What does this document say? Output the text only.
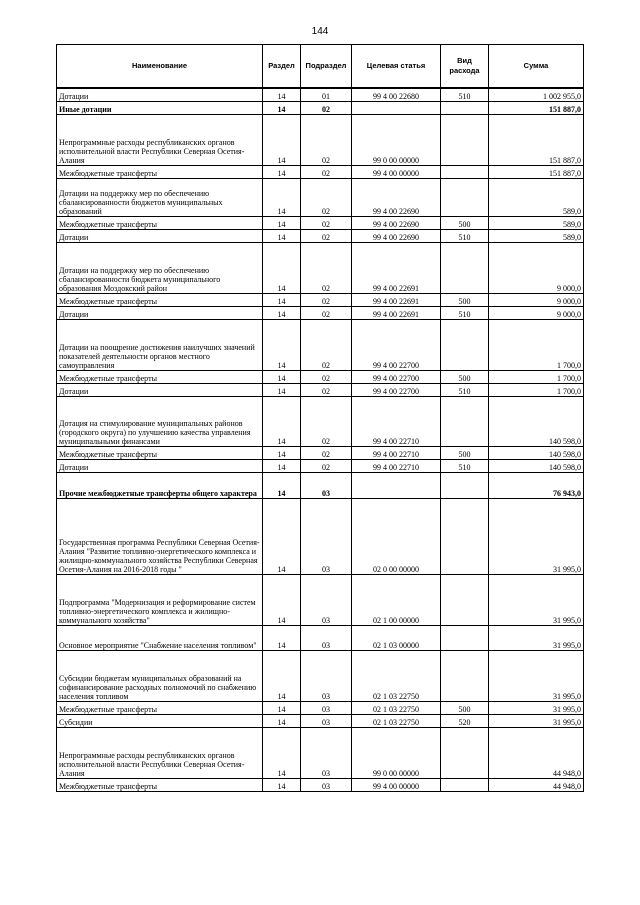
144
Наименование	Раздел	Подраздел	Целевая статья	Вид расхода	Сумма
Дотации	14	01	99 4 00 22680	510	1 002 955,0
Иные дотации	14	02			151 887,0
Непрограммные расходы республиканских органов исполнительной власти Республики Северная Осетия-Алания	14	02	99 0 00 00000		151 887,0
Межбюджетные трансферты	14	02	99 4 00 00000		151 887,0
Дотации на поддержку мер по обеспечению сбалансированности бюджетов муниципальных образований	14	02	99 4 00 22690		589,0
Межбюджетные трансферты	14	02	99 4 00 22690	500	589,0
Дотации	14	02	99 4 00 22690	510	589,0
Дотации на поддержку мер по обеспечению сбалансированности бюджета муниципального образования Моздокский район	14	02	99 4 00 22691		9 000,0
Межбюджетные трансферты	14	02	99 4 00 22691	500	9 000,0
Дотации	14	02	99 4 00 22691	510	9 000,0
Дотации на поощрение достижения наилучших значений показателей деятельности органов местного самоуправления	14	02	99 4 00 22700		1 700,0
Межбюджетные трансферты	14	02	99 4 00 22700	500	1 700,0
Дотации	14	02	99 4 00 22700	510	1 700,0
Дотация на стимулирование муниципальных районов (городского округа) по улучшению качества управления муниципальными финансами	14	02	99 4 00 22710		140 598,0
Межбюджетные трансферты	14	02	99 4 00 22710	500	140 598,0
Дотации	14	02	99 4 00 22710	510	140 598,0
Прочие межбюджетные трансферты общего характера	14	03			76 943,0
Государственная программа Республики Северная Осетия-Алания "Развитие топливно-энергетического комплекса и жилищно-коммунального хозяйства Республики Северная Осетия-Алания на 2016-2018 годы "	14	03	02 0 00 00000		31 995,0
Подпрограмма "Модернизация и реформирование систем топливно-энергетического комплекса и жилищно-коммунального хозяйства"	14	03	02 1 00 00000		31 995,0
Основное мероприятие "Снабжение населения топливом"	14	03	02 1 03 00000		31 995,0
Субсидии бюджетам муниципальных образований на софинансирование расходных полномочий по снабжению населения топливом	14	03	02 1 03 22750		31 995,0
Межбюджетные трансферты	14	03	02 1 03 22750	500	31 995,0
Субсидии	14	03	02 1 03 22750	520	31 995,0
Непрограммные расходы республиканских органов исполнительной власти Республики Северная Осетия-Алания	14	03	99 0 00 00000		44 948,0
Межбюджетные трансферты	14	03	99 4 00 00000		44 948,0
